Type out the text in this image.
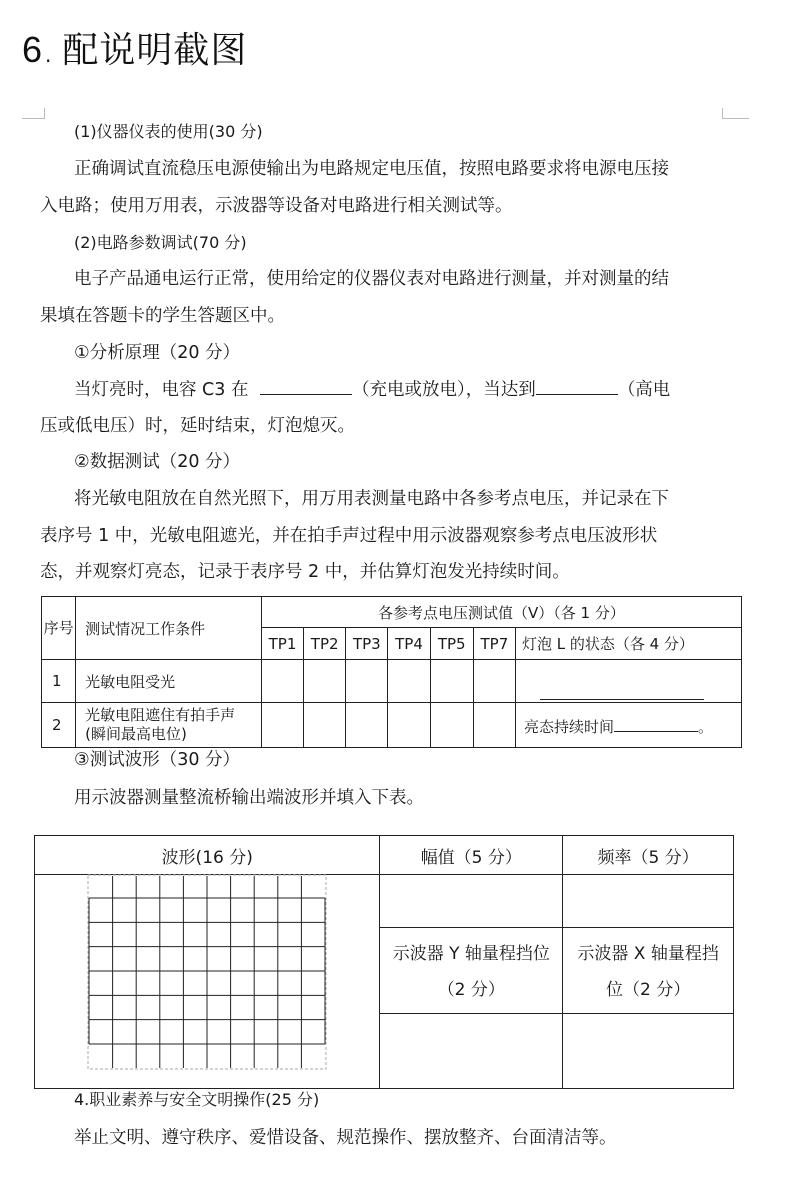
6 . 配说明截图
(1)仪器仪表的使用(30 分)
正确调试直流稳压电源使输出为电路规定电压值，按照电路要求将电源电压接
入电路；使用万用表，示波器等设备对电路进行相关测试等。
(2)电路参数调试(70 分)
电子产品通电运行正常，使用给定的仪器仪表对电路进行测量，并对测量的结
果填在答题卡的学生答题区中。
①分析原理（20 分）
当灯亮时，电容 C3 在	（充电或放电），当达到	（高电
压或低电压）时，延时结束，灯泡熄灭。
②数据测试（20 分）
将光敏电阻放在自然光照下，用万用表测量电路中各参考点电压，并记录在下
表序号 1 中，光敏电阻遮光，并在拍手声过程中用示波器观察参考点电压波形状
态，并观察灯亮态，记录于表序号 2 中，并估算灯泡发光持续时间。
序号	测试情况工作条件	各参考点电压测试值（V）（各 1 分）						
		TP1	TP2	TP3	TP4	TP5	TP7	灯泡 L 的状态（各 4 分）
1	光敏电阻受光							

2	光敏电阻遮住有拍手声(瞬间最高电位)							亮态持续时间 。
③测试波形（30 分）
用示波器测量整流桥输出端波形并填入下表。
波形(16 分)	幅值（5 分）	频率（5 分）

	示波器 Y 轴量程挡位（2 分）	示波器 X 轴量程挡位（2 分）

4.职业素养与安全文明操作(25 分)
举止文明、遵守秩序、爱惜设备、规范操作、摆放整齐、台面清洁等。
